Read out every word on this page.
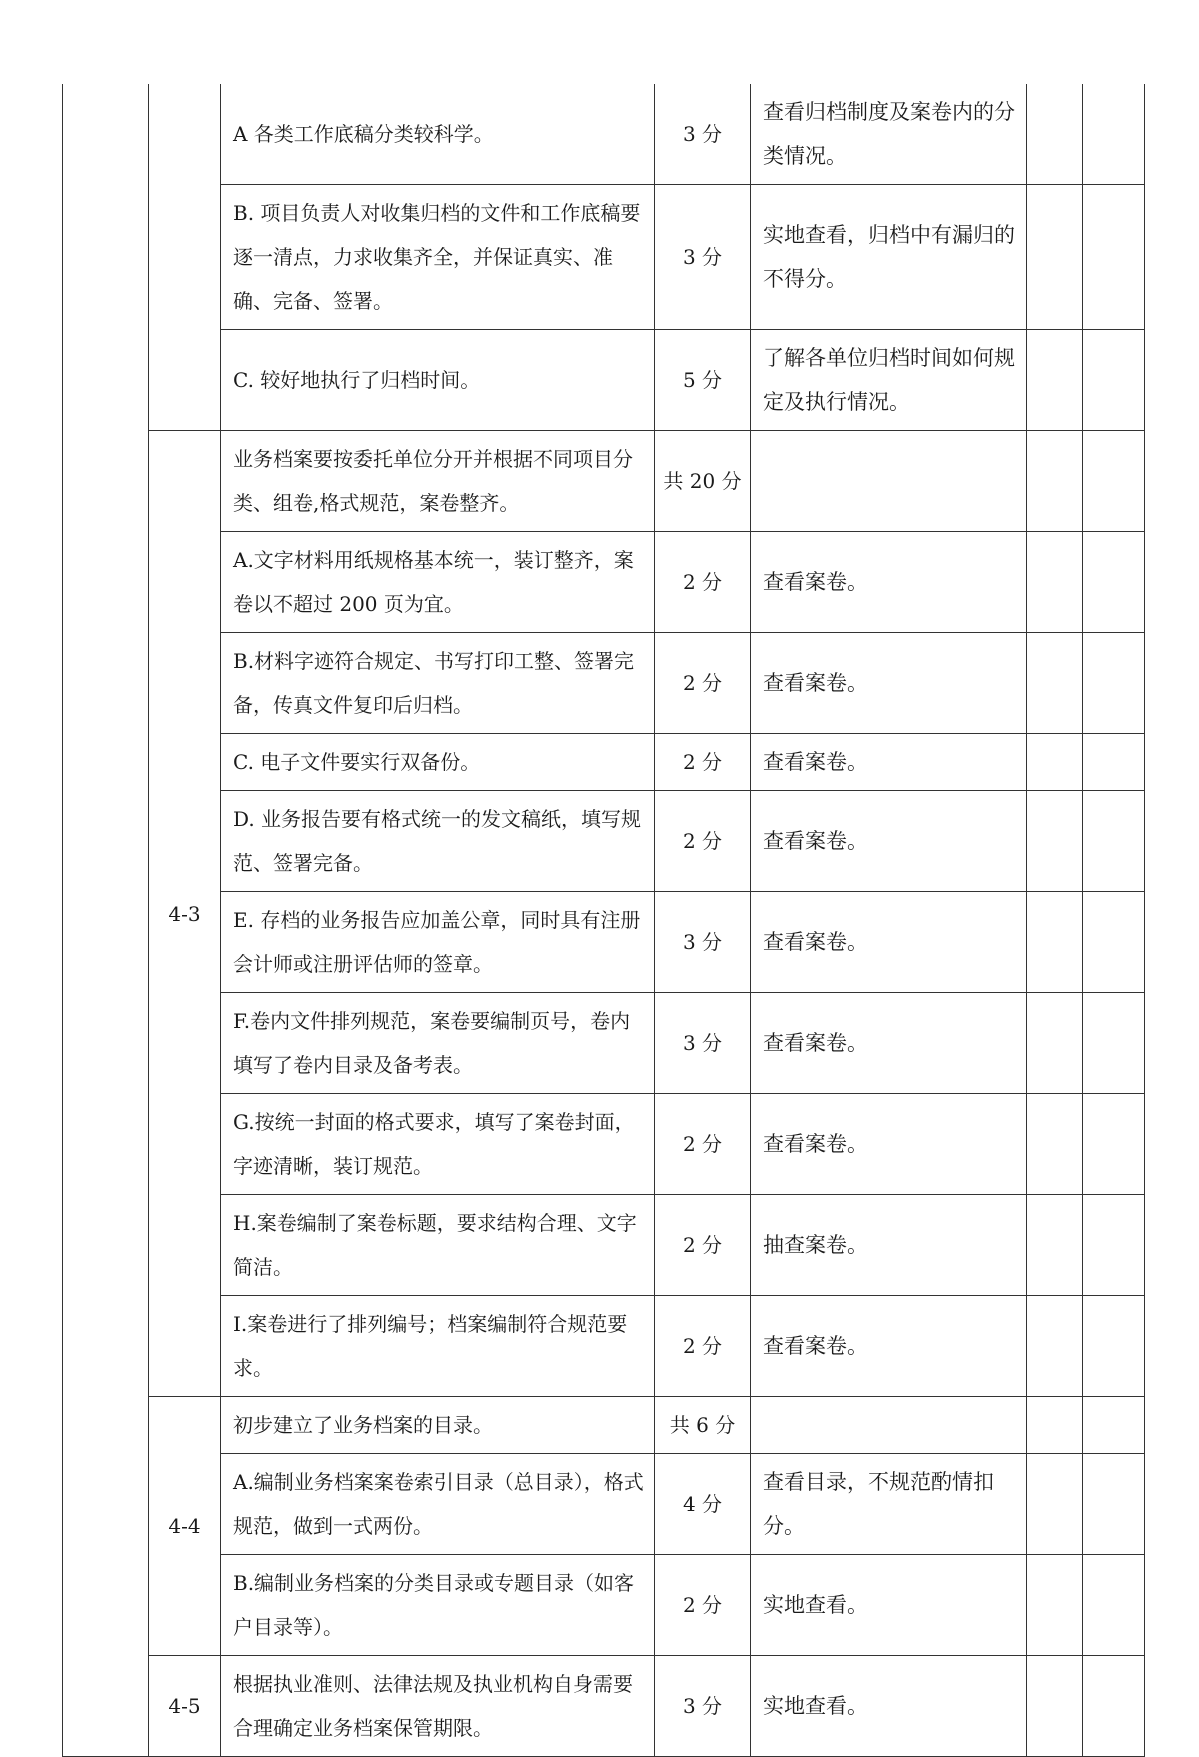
		A 各类工作底稿分类较科学。	3 分	查看归档制度及案卷内的分类情况。		
		B. 项目负责人对收集归档的文件和工作底稿要逐一清点，力求收集齐全，并保证真实、准确、完备、签署。	3 分	实地查看，归档中有漏归的不得分。		
		C. 较好地执行了归档时间。	5 分	了解各单位归档时间如何规定及执行情况。		
	4-3	业务档案要按委托单位分开并根据不同项目分类、组卷,格式规范，案卷整齐。	共 20 分			
		A.文字材料用纸规格基本统一，装订整齐，案卷以不超过 200 页为宜。	2 分	查看案卷。		
		B.材料字迹符合规定、书写打印工整、签署完备，传真文件复印后归档。	2 分	查看案卷。		
		C. 电子文件要实行双备份。	2 分	查看案卷。		
		D. 业务报告要有格式统一的发文稿纸，填写规范、签署完备。	2 分	查看案卷。		
		E. 存档的业务报告应加盖公章，同时具有注册会计师或注册评估师的签章。	3 分	查看案卷。		
		F.卷内文件排列规范，案卷要编制页号，卷内填写了卷内目录及备考表。	3 分	查看案卷。		
		G.按统一封面的格式要求，填写了案卷封面，字迹清晰，装订规范。	2 分	查看案卷。		
		H.案卷编制了案卷标题，要求结构合理、文字简洁。	2 分	抽查案卷。		
		I.案卷进行了排列编号；档案编制符合规范要求。	2 分	查看案卷。		
	4-4	初步建立了业务档案的目录。	共 6 分			
		A.编制业务档案案卷索引目录（总目录），格式规范，做到一式两份。	4 分	查看目录，不规范酌情扣分。		
		B.编制业务档案的分类目录或专题目录（如客户目录等）。	2 分	实地查看。		
	4-5	根据执业准则、法律法规及执业机构自身需要合理确定业务档案保管期限。	3 分	实地查看。		
